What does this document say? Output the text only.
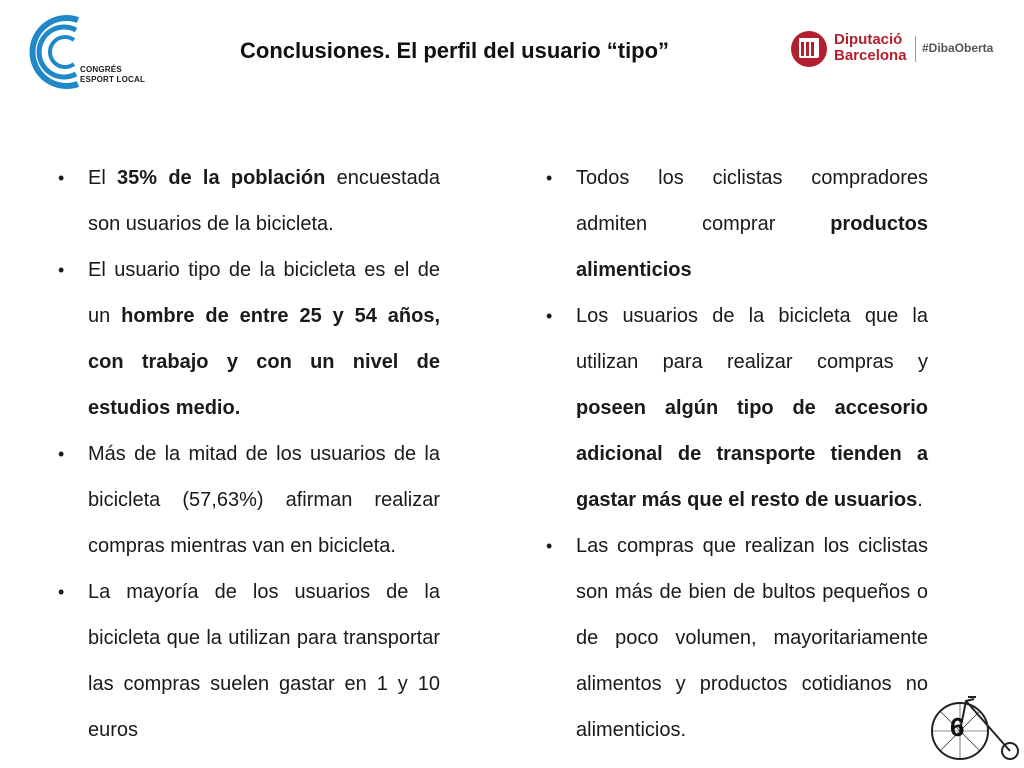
CONGRÉS
ESPORT LOCAL
Conclusiones. El perfil del usuario “tipo”	Diputació
Barcelona #DibaOberta
• El 35% de la población encuestada son usuarios de la bicicleta.
• El usuario tipo de la bicicleta es el de un hombre de entre 25 y 54 años, con trabajo y con un nivel de estudios medio.
• Más de la mitad de los usuarios de la bicicleta (57,63%) afirman realizar compras mientras van en bicicleta.
• La mayoría de los usuarios de la bicicleta que la utilizan para transportar las compras suelen gastar en 1 y 10 euros
• Todos los ciclistas compradores admiten comprar productos alimenticios
• Los usuarios de la bicicleta que la utilizan para realizar compras y poseen algún tipo de accesorio adicional de transporte tienden a gastar más que el resto de usuarios.
• Las compras que realizan los ciclistas son más de bien de bultos pequeños o de poco volumen, mayoritariamente alimentos y productos cotidianos no alimenticios.	6
